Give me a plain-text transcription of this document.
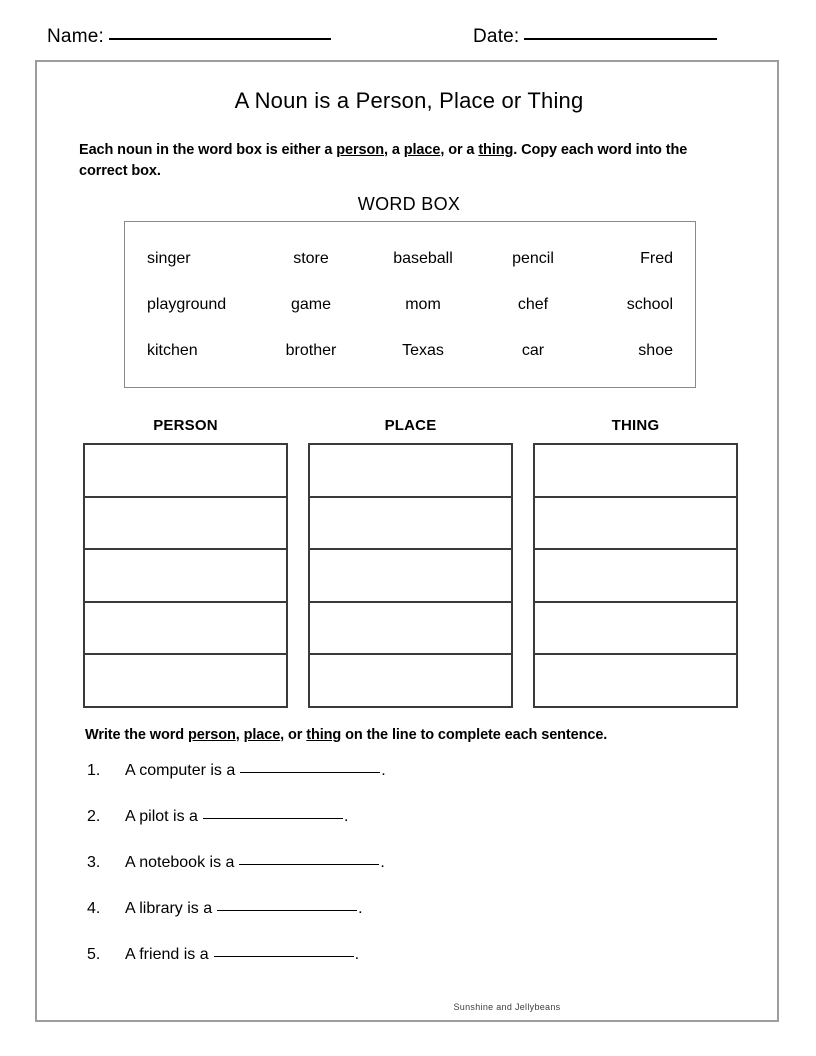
Name:	Date:
A Noun is a Person, Place or Thing
Each noun in the word box is either a person, a place, or a thing. Copy each word into the correct box.
WORD BOX
singer	store	baseball	pencil	Fred
playground	game	mom	chef	school
kitchen	brother	Texas	car	shoe
PERSON	PLACE	THING
Write the word person, place, or thing on the line to complete each sentence.
1.	A computer is a	.
2.	A pilot is a	.
3.	A notebook is a	.
4.	A library is a	.
5.	A friend is a	.
Sunshine and Jellybeans
